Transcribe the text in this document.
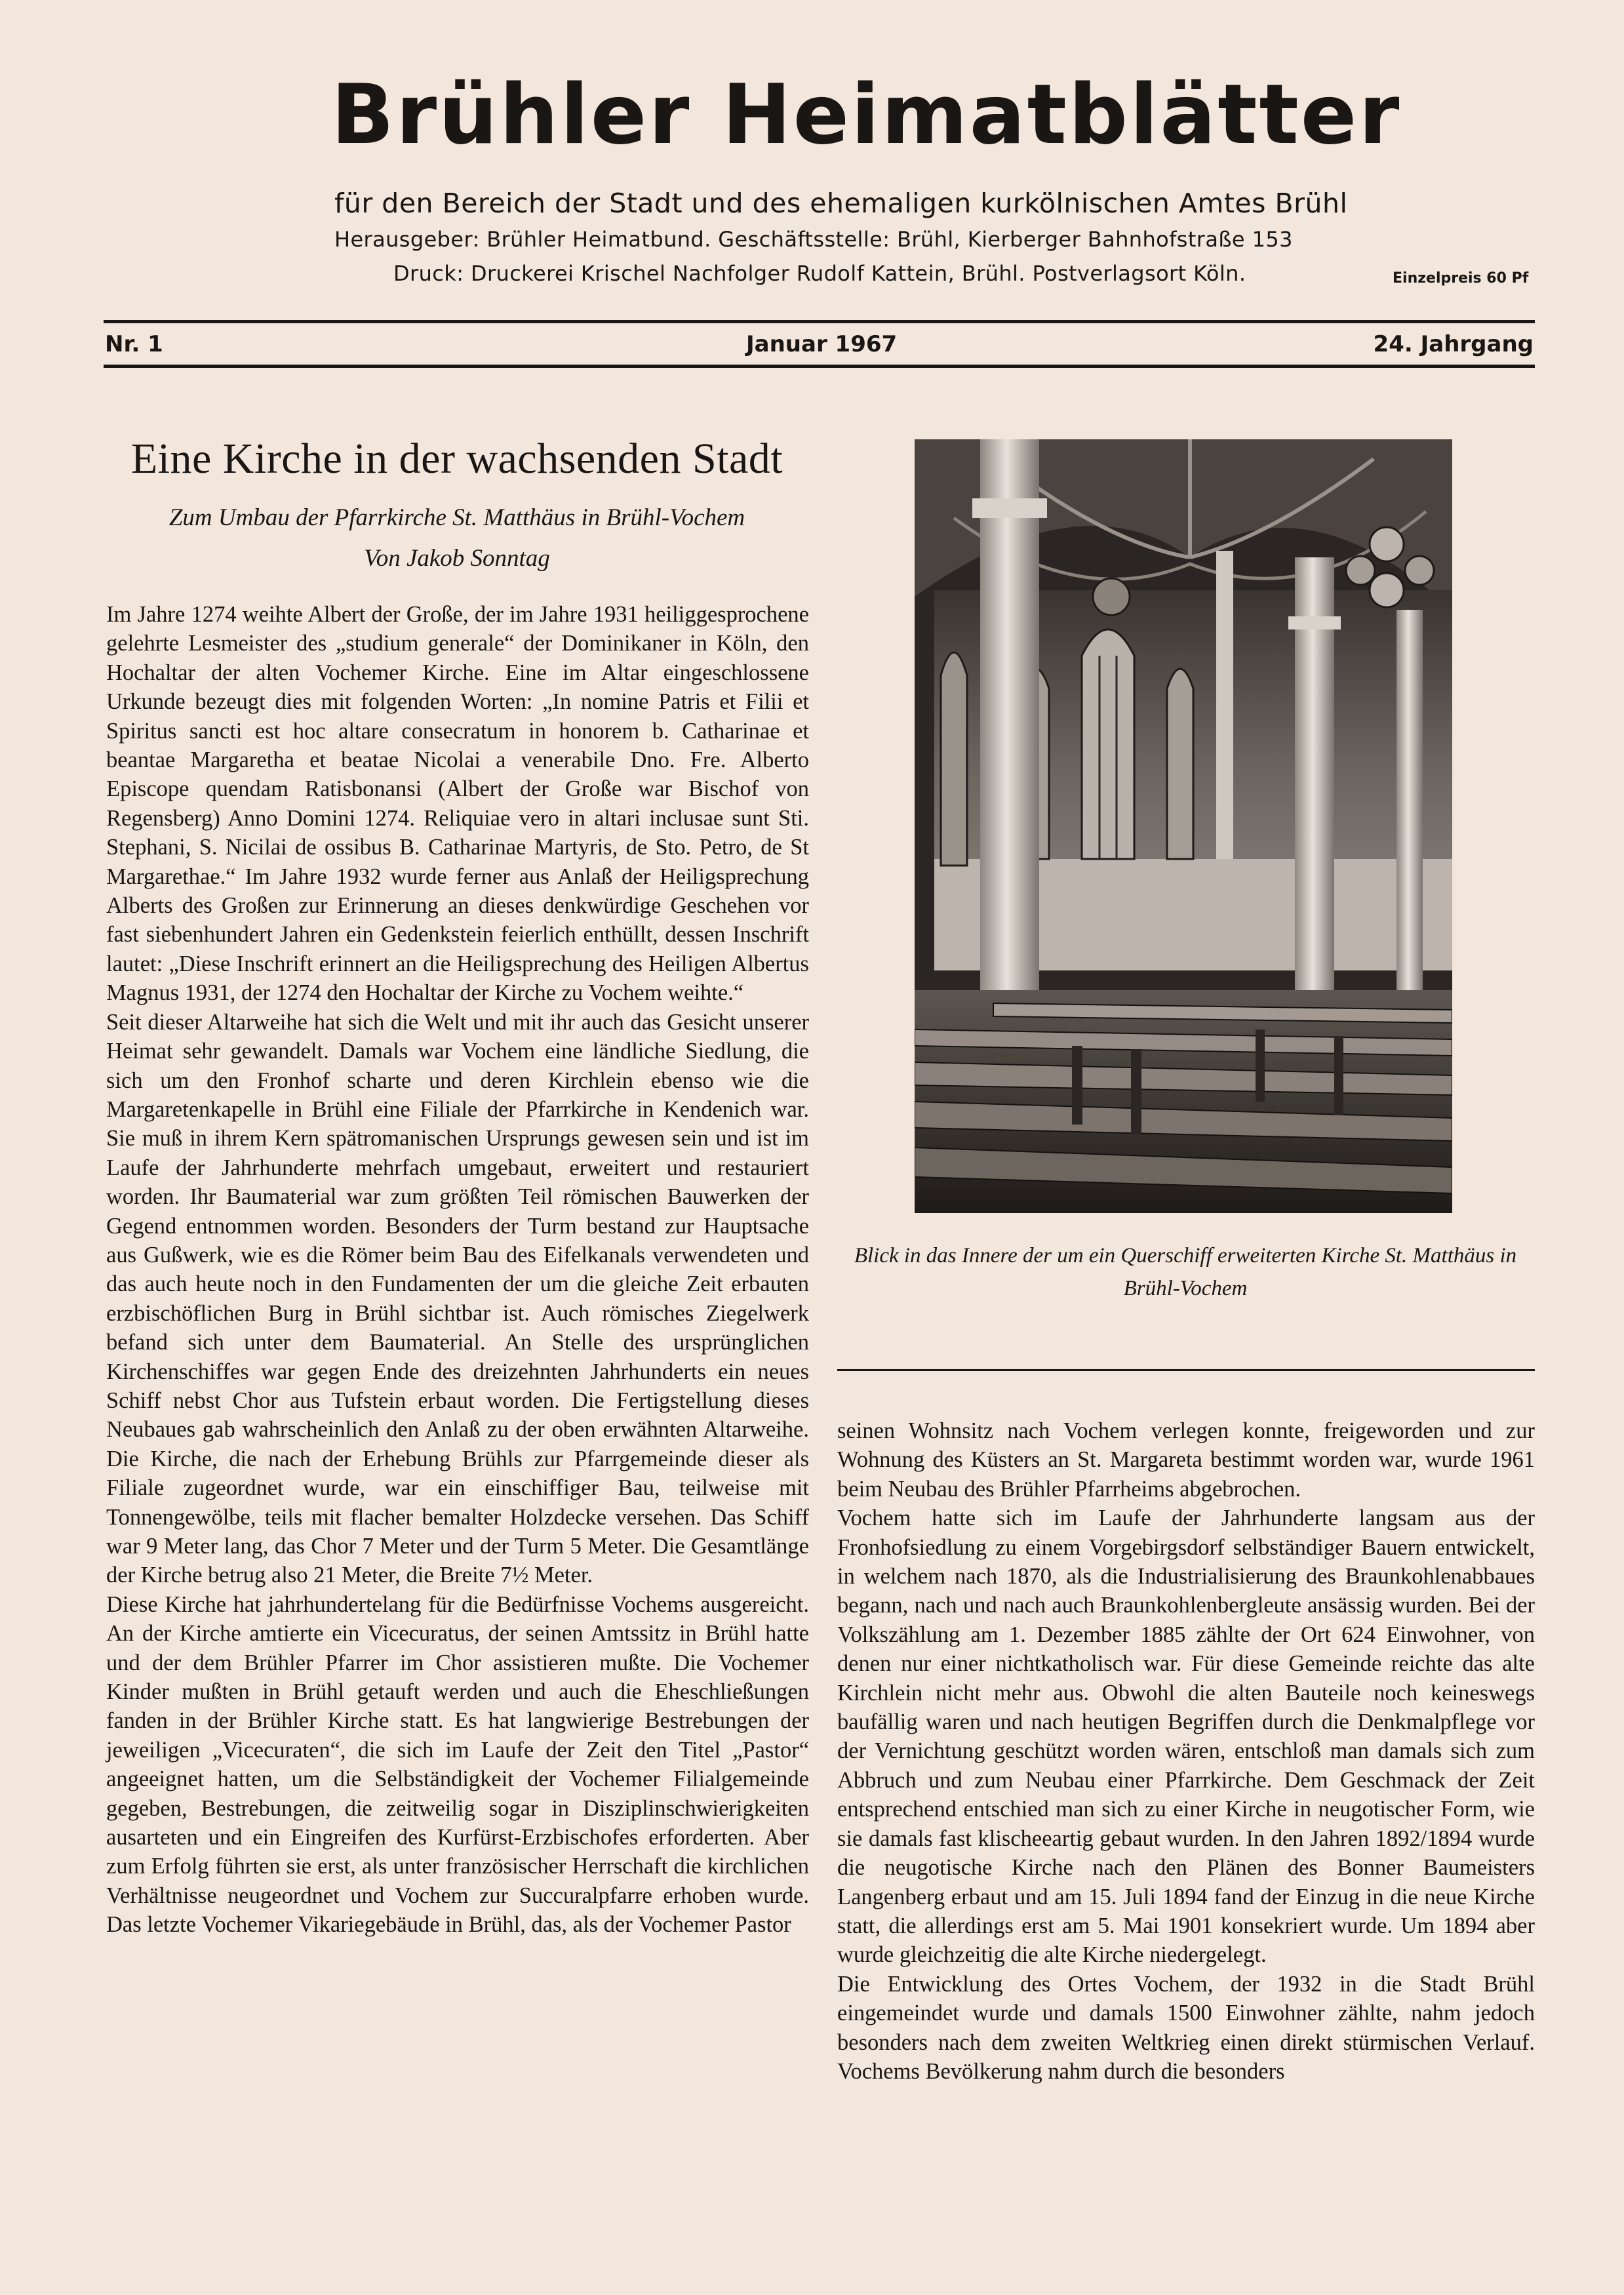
Brühler Heimatblätter
für den Bereich der Stadt und des ehemaligen kurkölnischen Amtes Brühl
Herausgeber: Brühler Heimatbund. Geschäftsstelle: Brühl, Kierberger Bahnhofstraße 153
Druck: Druckerei Krischel Nachfolger Rudolf Kattein, Brühl. Postverlagsort Köln.	Einzelpreis 60 Pf
Nr. 1	Januar 1967	24. Jahrgang
Eine Kirche in der wachsenden Stadt
Zum Umbau der Pfarrkirche St. Matthäus in Brühl-Vochem
Von Jakob Sonntag

Im Jahre 1274 weihte Albert der Große, der im Jahre 1931 heiliggesprochene gelehrte Lesmeister des „studium generale“ der Dominikaner in Köln, den Hochaltar der alten Vochemer Kirche. Eine im Altar eingeschlossene Urkunde bezeugt dies mit folgenden Worten: „In nomine Patris et Filii et Spiritus sancti est hoc altare consecratum in honorem b. Catharinae et beantae Margaretha et beatae Nicolai a venerabile Dno. Fre. Alberto Episcope quendam Ratisbonansi (Albert der Große war Bischof von Regensberg) Anno Domini 1274. Reliquiae vero in altari inclusae sunt Sti. Stephani, S. Nicilai de ossibus B. Catharinae Martyris, de Sto. Petro, de St Margarethae.“ Im Jahre 1932 wurde ferner aus Anlaß der Heiligsprechung Alberts des Großen zur Erinnerung an dieses denkwürdige Geschehen vor fast siebenhundert Jahren ein Gedenkstein feierlich enthüllt, dessen Inschrift lautet: „Diese Inschrift erinnert an die Heiligsprechung des Heiligen Albertus Magnus 1931, der 1274 den Hochaltar der Kirche zu Vochem weihte.“

Seit dieser Altarweihe hat sich die Welt und mit ihr auch das Gesicht unserer Heimat sehr gewandelt. Damals war Vochem eine ländliche Siedlung, die sich um den Fronhof scharte und deren Kirchlein ebenso wie die Margaretenkapelle in Brühl eine Filiale der Pfarrkirche in Kendenich war. Sie muß in ihrem Kern spätromanischen Ursprungs gewesen sein und ist im Laufe der Jahrhunderte mehrfach umgebaut, erweitert und restauriert worden. Ihr Baumaterial war zum größten Teil römischen Bauwerken der Gegend entnommen worden. Besonders der Turm bestand zur Hauptsache aus Gußwerk, wie es die Römer beim Bau des Eifelkanals verwendeten und das auch heute noch in den Fundamenten der um die gleiche Zeit erbauten erzbischöflichen Burg in Brühl sichtbar ist. Auch römisches Ziegelwerk befand sich unter dem Baumaterial. An Stelle des ursprünglichen Kirchenschiffes war gegen Ende des dreizehnten Jahrhunderts ein neues Schiff nebst Chor aus Tufstein erbaut worden. Die Fertigstellung dieses Neubaues gab wahrscheinlich den Anlaß zu der oben erwähnten Altarweihe. Die Kirche, die nach der Erhebung Brühls zur Pfarrgemeinde dieser als Filiale zugeordnet wurde, war ein einschiffiger Bau, teilweise mit Tonnengewölbe, teils mit flacher bemalter Holzdecke versehen. Das Schiff war 9 Meter lang, das Chor 7 Meter und der Turm 5 Meter. Die Gesamtlänge der Kirche betrug also 21 Meter, die Breite 7½ Meter.

Diese Kirche hat jahrhundertelang für die Bedürfnisse Vochems ausgereicht. An der Kirche amtierte ein Vicecuratus, der seinen Amtssitz in Brühl hatte und der dem Brühler Pfarrer im Chor assistieren mußte. Die Vochemer Kinder mußten in Brühl getauft werden und auch die Eheschließungen fanden in der Brühler Kirche statt. Es hat langwierige Bestrebungen der jeweiligen „Vicecuraten“, die sich im Laufe der Zeit den Titel „Pastor“ angeeignet hatten, um die Selbständigkeit der Vochemer Filialgemeinde gegeben, Bestrebungen, die zeitweilig sogar in Disziplinschwierigkeiten ausarteten und ein Eingreifen des Kurfürst-Erzbischofes erforderten. Aber zum Erfolg führten sie erst, als unter französischer Herrschaft die kirchlichen Verhältnisse neugeordnet und Vochem zur Succuralpfarre erhoben wurde. Das letzte Vochemer Vikariegebäude in Brühl, das, als der Vochemer Pastor

Blick in das Innere der um ein Querschiff erweiterten Kirche St. Matthäus in Brühl-Vochem

seinen Wohnsitz nach Vochem verlegen konnte, freigeworden und zur Wohnung des Küsters an St. Margareta bestimmt worden war, wurde 1961 beim Neubau des Brühler Pfarrheims abgebrochen.

Vochem hatte sich im Laufe der Jahrhunderte langsam aus der Fronhofsiedlung zu einem Vorgebirgsdorf selbständiger Bauern entwickelt, in welchem nach 1870, als die Industrialisierung des Braunkohlenabbaues begann, nach und nach auch Braunkohlenbergleute ansässig wurden. Bei der Volkszählung am 1. Dezember 1885 zählte der Ort 624 Einwohner, von denen nur einer nichtkatholisch war. Für diese Gemeinde reichte das alte Kirchlein nicht mehr aus. Obwohl die alten Bauteile noch keineswegs baufällig waren und nach heutigen Begriffen durch die Denkmalpflege vor der Vernichtung geschützt worden wären, entschloß man damals sich zum Abbruch und zum Neubau einer Pfarrkirche. Dem Geschmack der Zeit entsprechend entschied man sich zu einer Kirche in neugotischer Form, wie sie damals fast klischeeartig gebaut wurden. In den Jahren 1892/1894 wurde die neugotische Kirche nach den Plänen des Bonner Baumeisters Langenberg erbaut und am 15. Juli 1894 fand der Einzug in die neue Kirche statt, die allerdings erst am 5. Mai 1901 konsekriert wurde. Um 1894 aber wurde gleichzeitig die alte Kirche niedergelegt.

Die Entwicklung des Ortes Vochem, der 1932 in die Stadt Brühl eingemeindet wurde und damals 1500 Einwohner zählte, nahm jedoch besonders nach dem zweiten Weltkrieg einen direkt stürmischen Verlauf. Vochems Bevölkerung nahm durch die besonders
